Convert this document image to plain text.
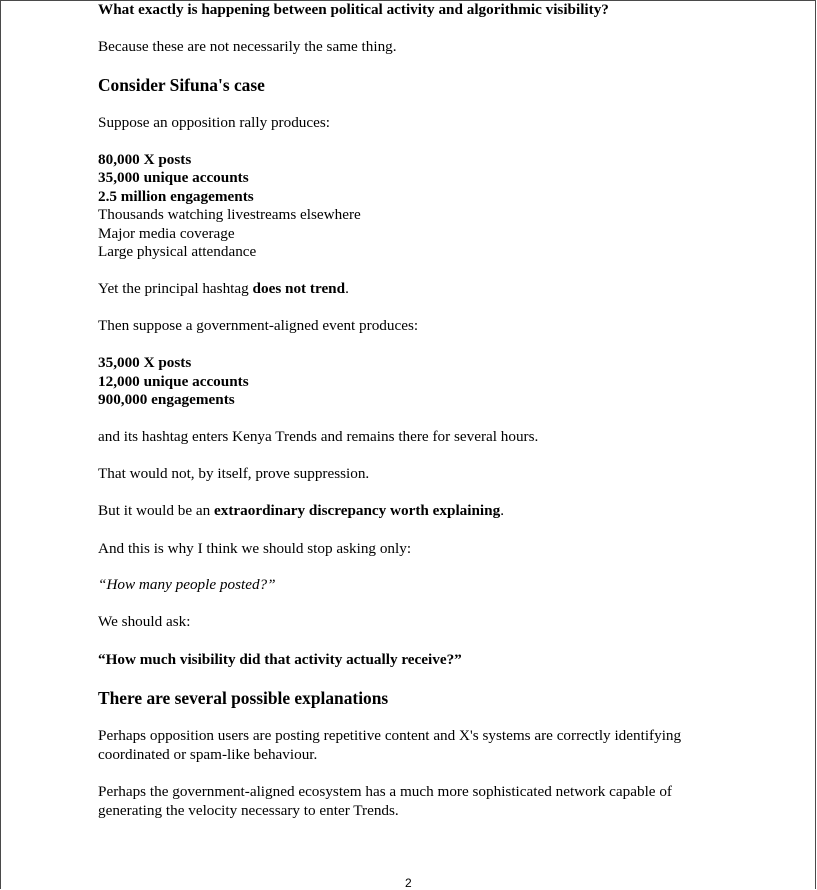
What exactly is happening between political activity and algorithmic visibility?
Because these are not necessarily the same thing.
Consider Sifuna's case
Suppose an opposition rally produces:
80,000 X posts
35,000 unique accounts
2.5 million engagements
Thousands watching livestreams elsewhere
Major media coverage
Large physical attendance
Yet the principal hashtag does not trend.
Then suppose a government-aligned event produces:
35,000 X posts
12,000 unique accounts
900,000 engagements
and its hashtag enters Kenya Trends and remains there for several hours.
That would not, by itself, prove suppression.
But it would be an extraordinary discrepancy worth explaining.
And this is why I think we should stop asking only:
“How many people posted?”
We should ask:
“How much visibility did that activity actually receive?”
There are several possible explanations
Perhaps opposition users are posting repetitive content and X's systems are correctly identifying coordinated or spam-like behaviour.
Perhaps the government-aligned ecosystem has a much more sophisticated network capable of generating the velocity necessary to enter Trends.
2
